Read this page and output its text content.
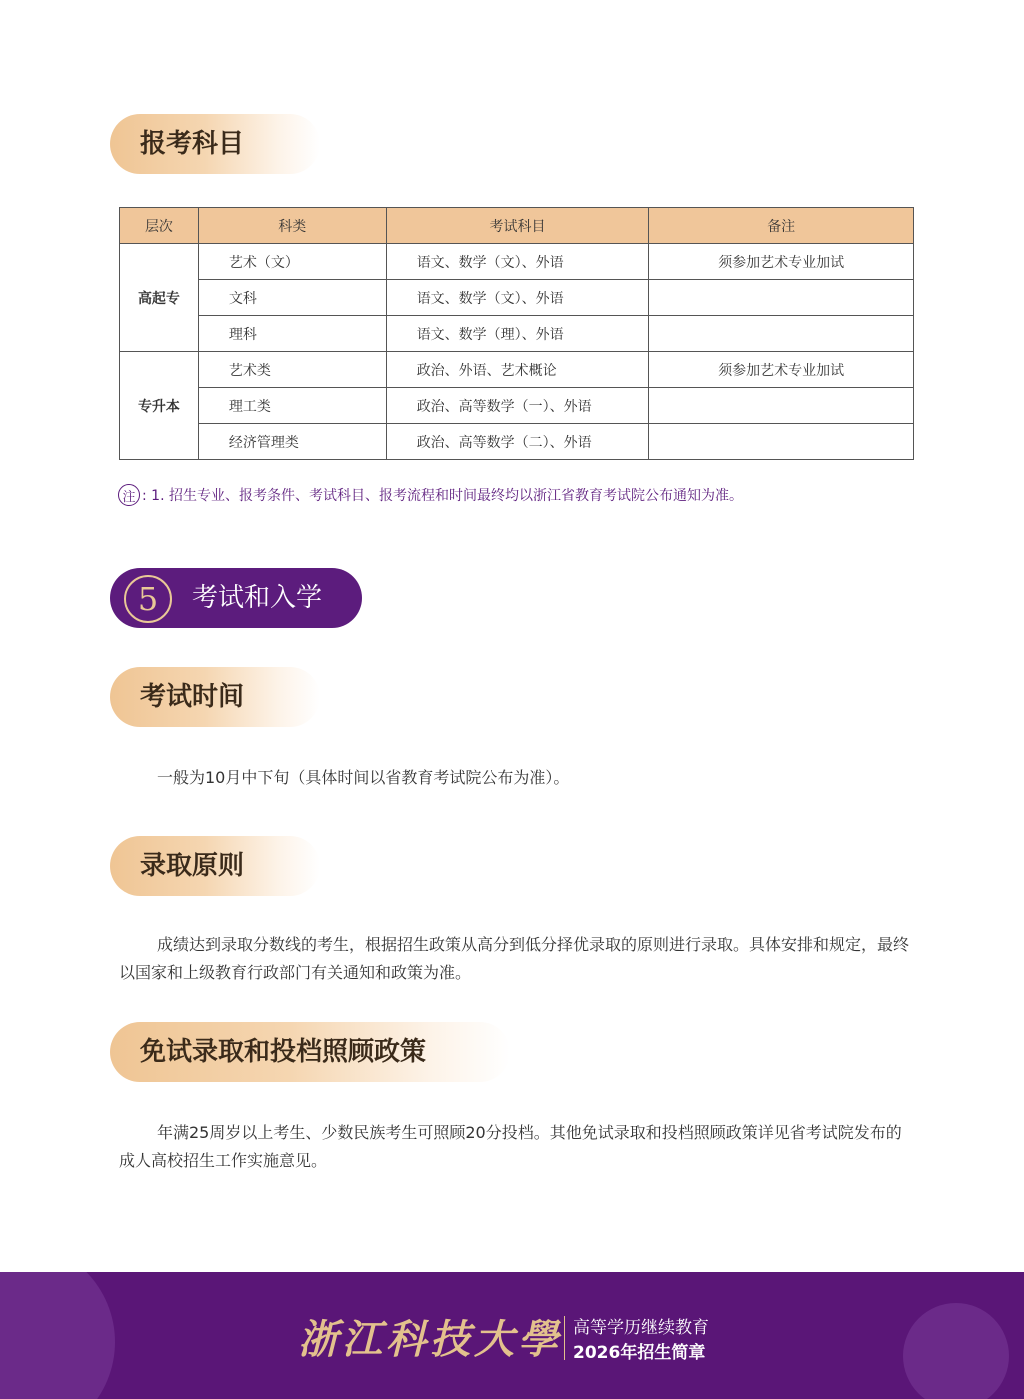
报考科目
层次	科类	考试科目	备注
高起专	艺术（文）	语文、数学（文）、外语	须参加艺术专业加试
	文科	语文、数学（文）、外语	
	理科	语文、数学（理）、外语	
专升本	艺术类	政治、外语、艺术概论	须参加艺术专业加试
	理工类	政治、高等数学（一）、外语	
	经济管理类	政治、高等数学（二）、外语	
注 : 1. 招生专业、报考条件、考试科目、报考流程和时间最终均以浙江省教育考试院公布通知为准。
5	考试和入学
考试时间
一般为10月中下旬（具体时间以省教育考试院公布为准）。
录取原则
成绩达到录取分数线的考生，根据招生政策从高分到低分择优录取的原则进行录取。具体安排和规定，最终以国家和上级教育行政部门有关通知和政策为准。
免试录取和投档照顾政策
年满25周岁以上考生、少数民族考生可照顾20分投档。其他免试录取和投档照顾政策详见省考试院发布的成人高校招生工作实施意见。
浙江科技大學 高等学历继续教育
2026年招生简章
